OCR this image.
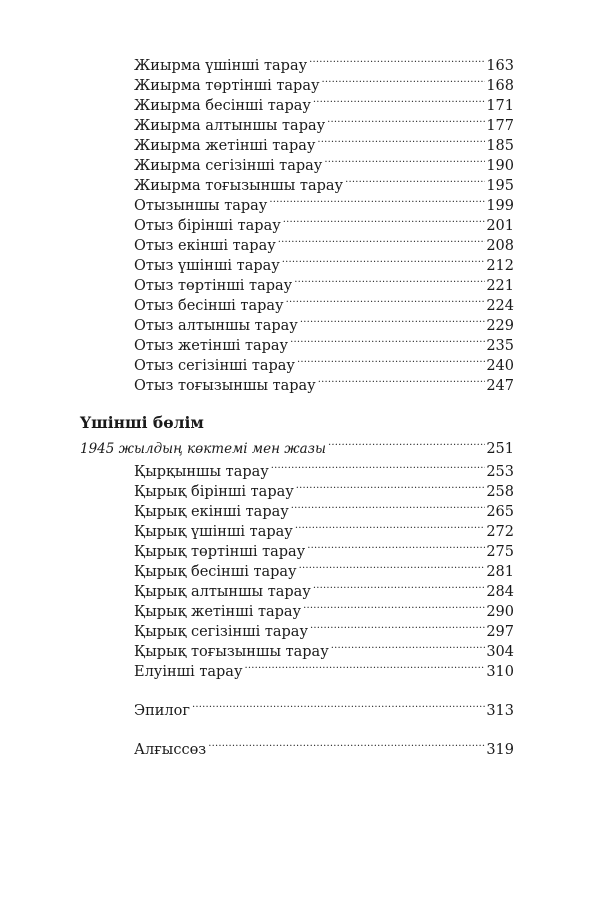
Жиырма үшінші тарау .....	163
Жиырма төртінші тарау .....	168
Жиырма бесінші тарау .....	171
Жиырма алтыншы тарау .....	177
Жиырма жетінші тарау .....	185
Жиырма сегізінші тарау .....	190
Жиырма тоғызыншы тарау .....	195
Отызыншы тарау .....	199
Отыз бірінші тарау .....	201
Отыз екінші тарау .....	208
Отыз үшінші тарау .....	212
Отыз төртінші тарау .....	221
Отыз бесінші тарау .....	224
Отыз алтыншы тарау .....	229
Отыз жетінші тарау .....	235
Отыз сегізінші тарау .....	240
Отыз тоғызыншы тарау .....	247
Үшінші бөлім
1945 жылдың көктемі мен жазы .....	251
Қырқыншы тарау .....	253
Қырық бірінші тарау .....	258
Қырық екінші тарау .....	265
Қырық үшінші тарау .....	272
Қырық төртінші тарау .....	275
Қырық бесінші тарау .....	281
Қырық алтыншы тарау .....	284
Қырық жетінші тарау .....	290
Қырық сегізінші тарау .....	297
Қырық тоғызыншы тарау .....	304
Елуінші тарау .....	310
Эпилог .....	313
Алғыссөз .....	319
